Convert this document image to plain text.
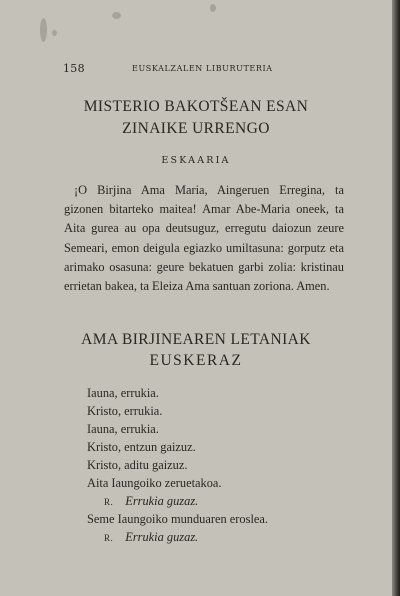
158	EUSKALZALEN LIBURUTERIA
MISTERIO BAKOTŠEAN ESAN
ZINAIKE URRENGO
ESKAARIA
¡O Birjina Ama Maria, Aingeruen Erregina, ta gizonen bitarteko maitea! Amar Abe-Maria oneek, ta Aita gurea au opa deutsuguz, erregutu daiozun zeure Semeari, emon deigula egiazko umiltasuna: gorputz eta arimako osasuna: geure bekatuen garbi zolia: kristinau errietan bakea, ta Eleiza Ama santuan zoriona. Amen.
AMA BIRJINEAREN LETANIAK
EUSKERAZ
Iauna, errukia.
Kristo, errukia.
Iauna, errukia.
Kristo, entzun gaizuz.
Kristo, aditu gaizuz.
Aita Iaungoiko zeruetakoa.
R. Errukia guzaz.
Seme Iaungoiko munduaren eroslea.
R. Errukia guzaz.
